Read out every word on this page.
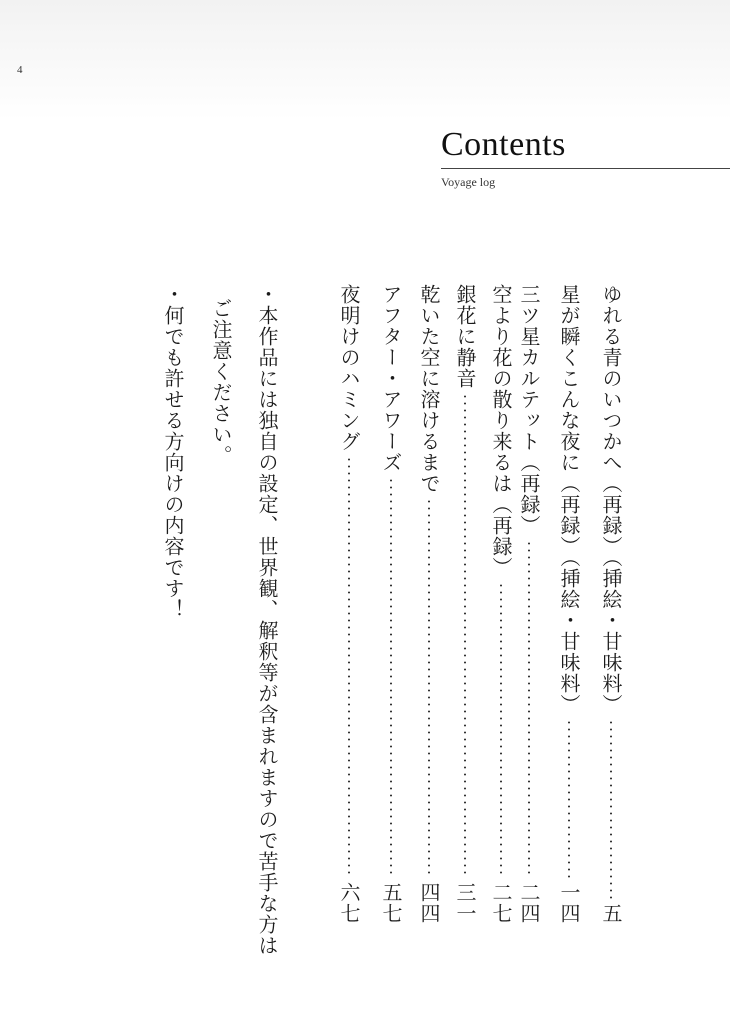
4
Contents
Voyage log
ゆれる青のいつかへ（再録）（挿絵・甘味料）
五
星が瞬くこんな夜に（再録）（挿絵・甘味料）
一四
三ツ星カルテット（再録）
二四
空より花の散り来るは（再録）
二七
銀花に静音
三一
乾いた空に溶けるまで
四四
アフター・アワーズ
五七
夜明けのハミング
六七
・本作品には独自の設定、世界観、解釈等が含まれますので苦手な方は
ご注意ください。
・何でも許せる方向けの内容です！
